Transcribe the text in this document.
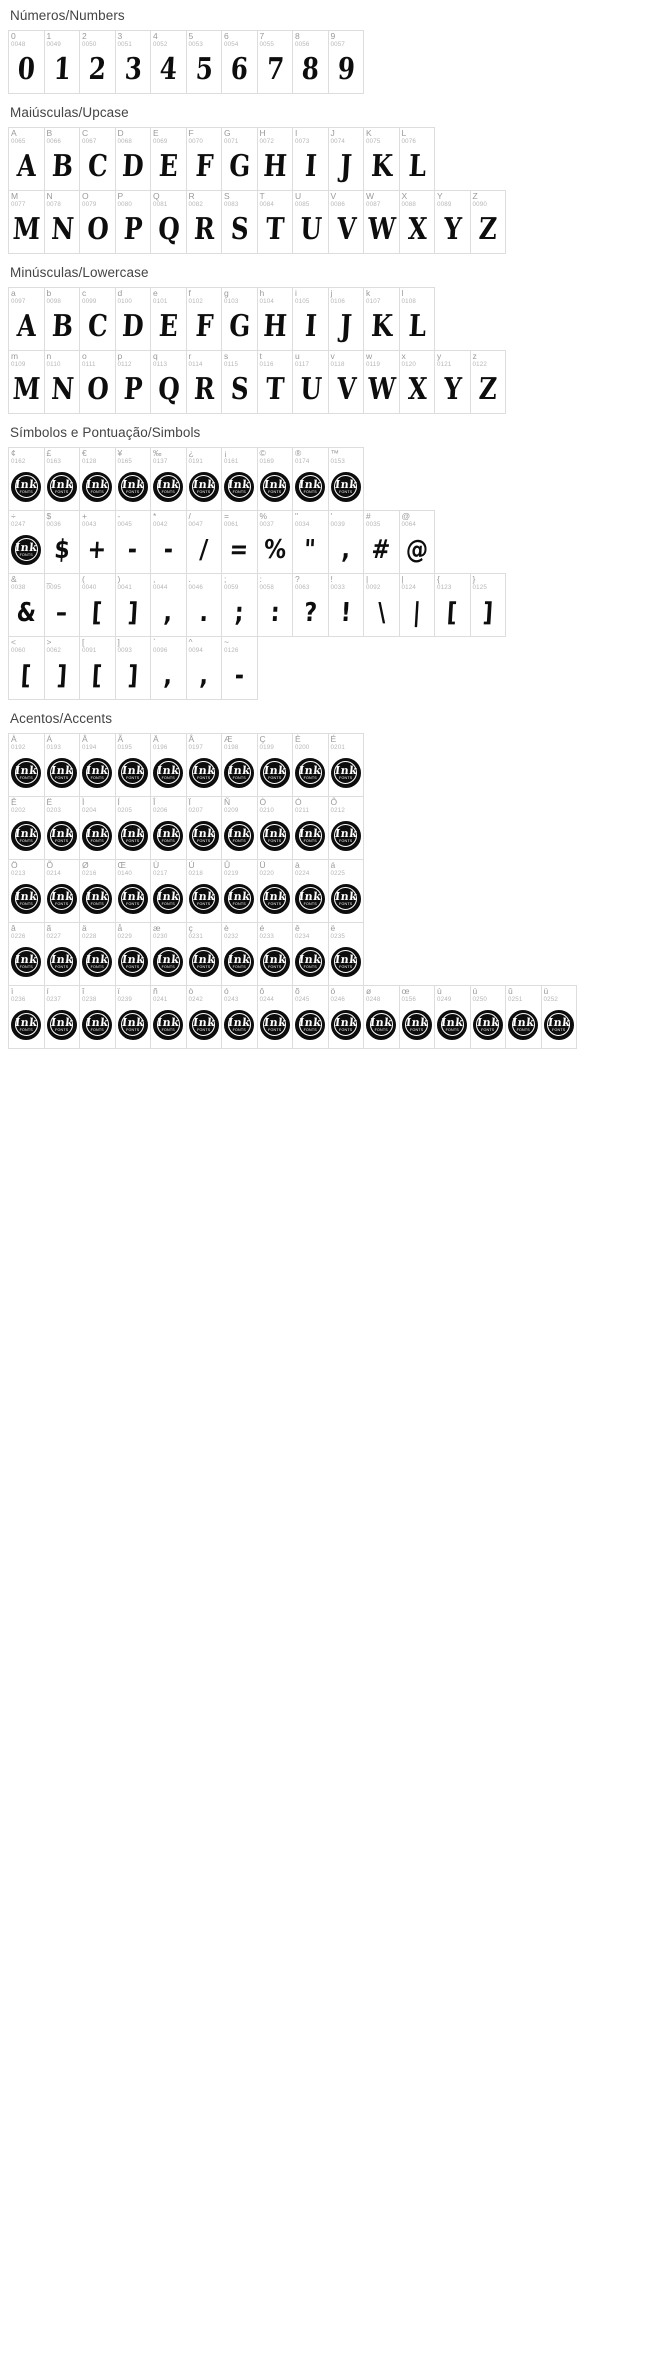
Números/Numbers
0
0048
0
1
0049
1
2
0050
2
3
0051
3
4
0052
4
5
0053
5
6
0054
6
7
0055
7
8
0056
8
9
0057
9
Maiúsculas/Upcase
A
0065
A
B
0066
B
C
0067
C
D
0068
D
E
0069
E
F
0070
F
G
0071
G
H
0072
H
I
0073
I
J
0074
J
K
0075
K
L
0076
L
M
0077
M
N
0078
N
O
0079
O
P
0080
P
Q
0081
Q
R
0082
R
S
0083
S
T
0084
T
U
0085
U
V
0086
V
W
0087
W
X
0088
X
Y
0089
Y
Z
0090
Z
Minúsculas/Lowercase
a
0097
A
b
0098
B
c
0099
C
d
0100
D
e
0101
E
f
0102
F
g
0103
G
h
0104
H
i
0105
I
j
0106
J
k
0107
K
l
0108
L
m
0109
M
n
0110
N
o
0111
O
p
0112
P
q
0113
Q
r
0114
R
s
0115
S
t
0116
T
u
0117
U
v
0118
V
w
0119
W
x
0120
X
y
0121
Y
z
0122
Z
Símbolos e Pontuação/Simbols
¢
0162
Ink
FONTS
£
0163
Ink
FONTS
€
0128
Ink
FONTS
¥
0165
Ink
FONTS
‰
0137
Ink
FONTS
¿
0191
Ink
FONTS
¡
0161
Ink
FONTS
©
0169
Ink
FONTS
®
0174
Ink
FONTS
™
0153
Ink
FONTS
÷
0247
Ink
FONTS
$
0036
$
+
0043
+
-
0045
-
*
0042
-
/
0047
/
=
0061
=
%
0037
%
"
0034
"
'
0039
,
#
0035
#
@
0064
@
&
0038
&
_
0095
–
(
0040
[
)
0041
]
,
0044
,
.
0046
.
;
0059
;
:
0058
:
?
0063
?
!
0033
!
|
0092
\
|
0124
|
{
0123
[
}
0125
]
<
0060
[
>
0062
]
[
0091
[
]
0093
]
`
0096
,
^
0094
,
~
0126
-
Acentos/Accents
À
0192
Ink
FONTS
Á
0193
Ink
FONTS
Â
0194
Ink
FONTS
Ã
0195
Ink
FONTS
Ä
0196
Ink
FONTS
Å
0197
Ink
FONTS
Æ
0198
Ink
FONTS
Ç
0199
Ink
FONTS
È
0200
Ink
FONTS
É
0201
Ink
FONTS
Ê
0202
Ink
FONTS
Ë
0203
Ink
FONTS
Ì
0204
Ink
FONTS
Í
0205
Ink
FONTS
Î
0206
Ink
FONTS
Ï
0207
Ink
FONTS
Ñ
0209
Ink
FONTS
Ò
0210
Ink
FONTS
Ó
0211
Ink
FONTS
Ô
0212
Ink
FONTS
Ö
0213
Ink
FONTS
Õ
0214
Ink
FONTS
Ø
0216
Ink
FONTS
Œ
0140
Ink
FONTS
Ù
0217
Ink
FONTS
Ú
0218
Ink
FONTS
Û
0219
Ink
FONTS
Ü
0220
Ink
FONTS
à
0224
Ink
FONTS
á
0225
Ink
FONTS
â
0226
Ink
FONTS
ã
0227
Ink
FONTS
ä
0228
Ink
FONTS
å
0229
Ink
FONTS
æ
0230
Ink
FONTS
ç
0231
Ink
FONTS
è
0232
Ink
FONTS
é
0233
Ink
FONTS
ê
0234
Ink
FONTS
ë
0235
Ink
FONTS
ì
0236
Ink
FONTS
í
0237
Ink
FONTS
î
0238
Ink
FONTS
ï
0239
Ink
FONTS
ñ
0241
Ink
FONTS
ò
0242
Ink
FONTS
ó
0243
Ink
FONTS
ô
0244
Ink
FONTS
õ
0245
Ink
FONTS
ö
0246
Ink
FONTS
ø
0248
Ink
FONTS
œ
0156
Ink
FONTS
ù
0249
Ink
FONTS
ú
0250
Ink
FONTS
û
0251
Ink
FONTS
ü
0252
Ink
FONTS
